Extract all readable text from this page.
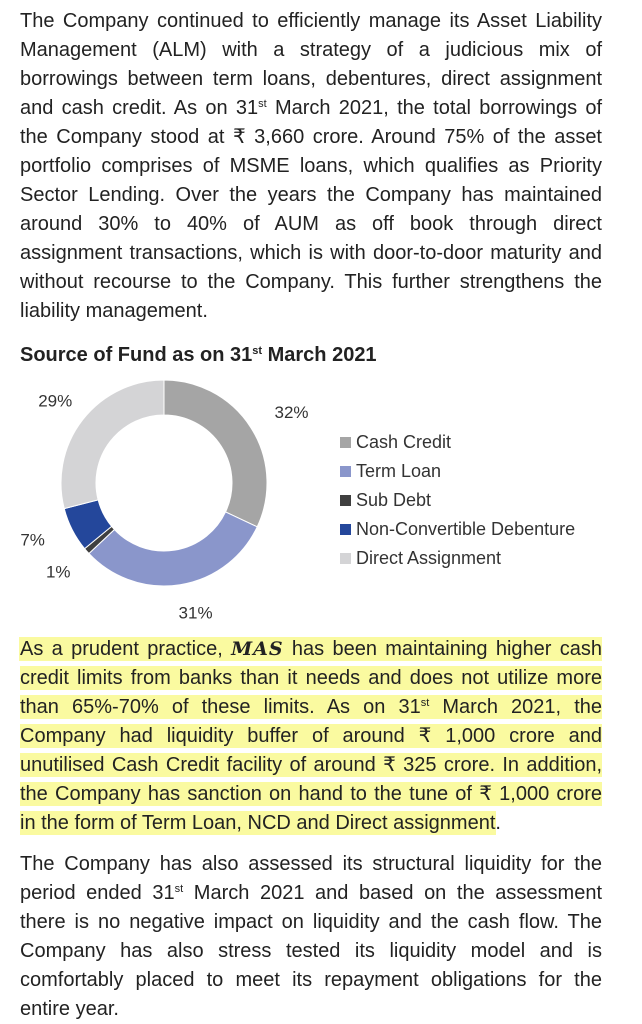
The Company continued to efficiently manage its Asset Liability Management (ALM) with a strategy of a judicious mix of borrowings between term loans, debentures, direct assignment and cash credit. As on 31st March 2021, the total borrowings of the Company stood at ₹ 3,660 crore. Around 75% of the asset portfolio comprises of MSME loans, which qualifies as Priority Sector Lending. Over the years the Company has maintained around 30% to 40% of AUM as off book through direct assignment transactions, which is with door-to-door maturity and without recourse to the Company. This further strengthens the liability management.

Source of Fund as on 31st March 2021

32%
31%
1%
7%
29%
Cash Credit
Term Loan
Sub Debt
Non-Convertible Debenture
Direct Assignment

As a prudent practice, MAS has been maintaining higher cash credit limits from banks than it needs and does not utilize more than 65%-70% of these limits. As on 31st March 2021, the Company had liquidity buffer of around ₹ 1,000 crore and unutilised Cash Credit facility of around ₹ 325 crore. In addition, the Company has sanction on hand to the tune of ₹ 1,000 crore in the form of Term Loan, NCD and Direct assignment.

The Company has also assessed its structural liquidity for the period ended 31st March 2021 and based on the assessment there is no negative impact on liquidity and the cash flow. The Company has also stress tested its liquidity model and is comfortably placed to meet its repayment obligations for the entire year.
